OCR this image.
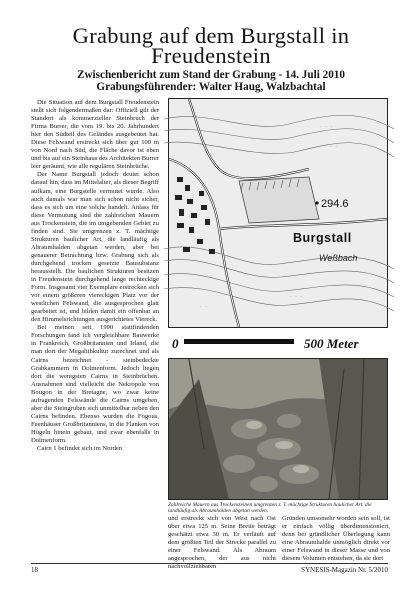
Grabung auf dem Burgstall in Freudenstein
Zwischenbericht zum Stand der Grabung - 14. Juli 2010
Grabungsführender: Walter Haug, Walzbachtal

Die Situation auf dem Burgstall Freudenstein stellt sich folgendermaßen dar: Offiziell gilt der Standort als kommerzieller Steinbruch der Firma Burrer, die vom 19. bis 20. Jahrhundert hier den Südteil des Geländes ausgebeutet hat. Diese Felswand erstreckt sich über gut 100 m von Nord nach Süd, die Fläche davor ist eben und bis auf ein Steinhaus des Architekten Burrer leer geräumt, wie alle regulären Steinbrüche.

Der Name Burgstall jedoch deutet schon darauf hin, dass im Mittelalter, als dieser Begriff aufkam, eine Burgstelle vermutet wurde. Also auch damals war man sich schon nicht sicher, dass es sich um eine solche handelt. Anlass für diese Vermutung sind die zahlreichen Mauern aus Trockenstein, die im umgebenden Gebiet zu finden sind. Sie umgrenzen z. T. mächtige Strukturen baulicher Art, die landläufig als Abraumhalden abgetan werden, aber bei genauerer Betrachtung bzw. Grabung sich als durchgehend trocken gesetzte Bausubstanz herausstellt. Die baulichen Strukturen besitzen in Freudenstein durchgehend lange rechteckige Form. Insgesamt vier Exemplare erstrecken sich vor einem größeren viereckigen Platz vor der westlichen Felswand, die ausgesprochen glatt gearbeitet ist, und bilden damit ein offenbar an den Himmelsrichtungen ausgerichtetes Viereck.

Bei meinen seit 1990 stattfindenden Forschungen fand ich vergleichbare Bauwerke in Frankreich, Großbritannien und Irland, die man dort der Megalithkultur zurechnet und als Cairns bezeichnet - steinbedeckte Grabkammern in Dolmenform. Jedoch liegen dort die wenigsten Cairns in Steinbrüchen. Ausnahmen sind vielleicht die Nekropole von Bougon in der Bretagne, wo zwar keine aufragenden Felswände die Cairns umgeben, aber die Steingruben sich unmittelbar neben den Cairns befinden. Ebenso wurden die Fogous, Feenhäuser Großbritanniens, in die Flanken von Hügeln hinein gebaut, und zwar ebenfalls in Dolmenform.

Cairn 1 befindet sich im Norden

᛫ ᛫ ᛫
᛫ ᛫
᛫ ᛫ ᛫
᛫ ᛫
294.6
Burgstall
Weßbach
0	500 Meter
Zahlreiche Mauern aus Trockensteinen umgrenzen z. T. mächtige Strukturen baulicher Art, die landläufig als Abraumhalden abgetan werden.
und erstreckt sich von West nach Ost über etwa 125 m. Seine Breite beträgt geschätzt etwa 30 m. Er verläuft auf dem größten Teil der Strecke parallel zu einer Felswand. Als Abraum angesprochen, der aus nicht nachvollziehbaren
Gründen umsomehr worden sein soll, ist er einfach völlig überdimensioniert, denn bei gründlicher Überlegung kann eine Abraumhalde unmöglich direkt vor einer Felswand in dieser Masse und von diesem Volumen entstehen, da sie dort
18	SYNESIS-Magazin Nr. 5/2010
